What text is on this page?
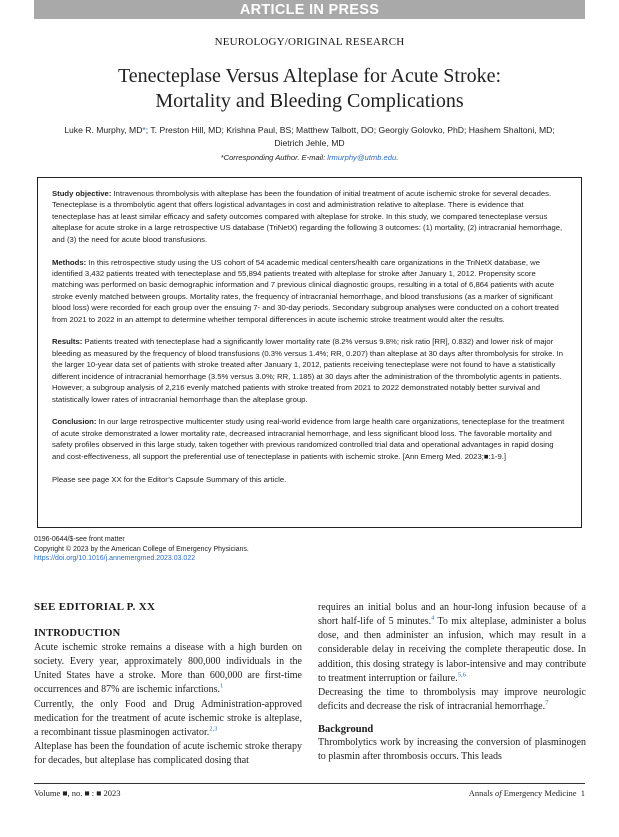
ARTICLE IN PRESS
NEUROLOGY/ORIGINAL RESEARCH
Tenecteplase Versus Alteplase for Acute Stroke:
Mortality and Bleeding Complications
Luke R. Murphy, MD*; T. Preston Hill, MD; Krishna Paul, BS; Matthew Talbott, DO; Georgiy Golovko, PhD; Hashem Shaltoni, MD;
Dietrich Jehle, MD
*Corresponding Author. E-mail: lrmurphy@utmb.edu.

Study objective: Intravenous thrombolysis with alteplase has been the foundation of initial treatment of acute ischemic stroke for several decades. Tenecteplase is a thrombolytic agent that offers logistical advantages in cost and administration relative to alteplase. There is evidence that tenecteplase has at least similar efficacy and safety outcomes compared with alteplase for stroke. In this study, we compared tenecteplase versus alteplase for acute stroke in a large retrospective US database (TriNetX) regarding the following 3 outcomes: (1) mortality, (2) intracranial hemorrhage, and (3) the need for acute blood transfusions.

Methods: In this retrospective study using the US cohort of 54 academic medical centers/health care organizations in the TriNetX database, we identified 3,432 patients treated with tenecteplase and 55,894 patients treated with alteplase for stroke after January 1, 2012. Propensity score matching was performed on basic demographic information and 7 previous clinical diagnostic groups, resulting in a total of 6,864 patients with acute stroke evenly matched between groups. Mortality rates, the frequency of intracranial hemorrhage, and blood transfusions (as a marker of significant blood loss) were recorded for each group over the ensuing 7- and 30-day periods. Secondary subgroup analyses were conducted on a cohort treated from 2021 to 2022 in an attempt to determine whether temporal differences in acute ischemic stroke treatment would alter the results.

Results: Patients treated with tenecteplase had a significantly lower mortality rate (8.2% versus 9.8%; risk ratio [RR], 0.832) and lower risk of major bleeding as measured by the frequency of blood transfusions (0.3% versus 1.4%; RR, 0.207) than alteplase at 30 days after thrombolysis for stroke. In the larger 10-year data set of patients with stroke treated after January 1, 2012, patients receiving tenecteplase were not found to have a statistically different incidence of intracranial hemorrhage (3.5% versus 3.0%; RR, 1.185) at 30 days after the administration of the thrombolytic agents in patients. However, a subgroup analysis of 2,216 evenly matched patients with stroke treated from 2021 to 2022 demonstrated notably better survival and statistically lower rates of intracranial hemorrhage than the alteplase group.

Conclusion: In our large retrospective multicenter study using real-world evidence from large health care organizations, tenecteplase for the treatment of acute stroke demonstrated a lower mortality rate, decreased intracranial hemorrhage, and less significant blood loss. The favorable mortality and safety profiles observed in this large study, taken together with previous randomized controlled trial data and operational advantages in rapid dosing and cost-effectiveness, all support the preferential use of tenecteplase in patients with ischemic stroke. [Ann Emerg Med. 2023;■:1-9.]

Please see page XX for the Editor’s Capsule Summary of this article.

0196-0644/$-see front matter
Copyright © 2023 by the American College of Emergency Physicians.
https://doi.org/10.1016/j.annemergmed.2023.03.022
SEE EDITORIAL P. XX
INTRODUCTION

Acute ischemic stroke remains a disease with a high burden on society. Every year, approximately 800,000 individuals in the United States have a stroke. More than 600,000 are first-time occurrences and 87% are ischemic infarctions.$^1$

Currently, the only Food and Drug Administration-approved medication for the treatment of acute ischemic stroke is alteplase, a recombinant tissue plasminogen activator.$^{2,3}$

Alteplase has been the foundation of acute ischemic stroke therapy for decades, but alteplase has complicated dosing that

requires an initial bolus and an hour-long infusion because of a short half-life of 5 minutes.$^4$ To mix alteplase, administer a bolus dose, and then administer an infusion, which may result in a considerable delay in receiving the complete therapeutic dose. In addition, this dosing strategy is labor-intensive and may contribute to treatment interruption or failure.$^{5,6}$

Decreasing the time to thrombolysis may improve neurologic deficits and decrease the risk of intracranial hemorrhage.$^7$

Background

Thrombolytics work by increasing the conversion of plasminogen to plasmin after thrombosis occurs. This leads

Volume ■, no. ■ : ■ 2023	Annals of Emergency Medicine 1
